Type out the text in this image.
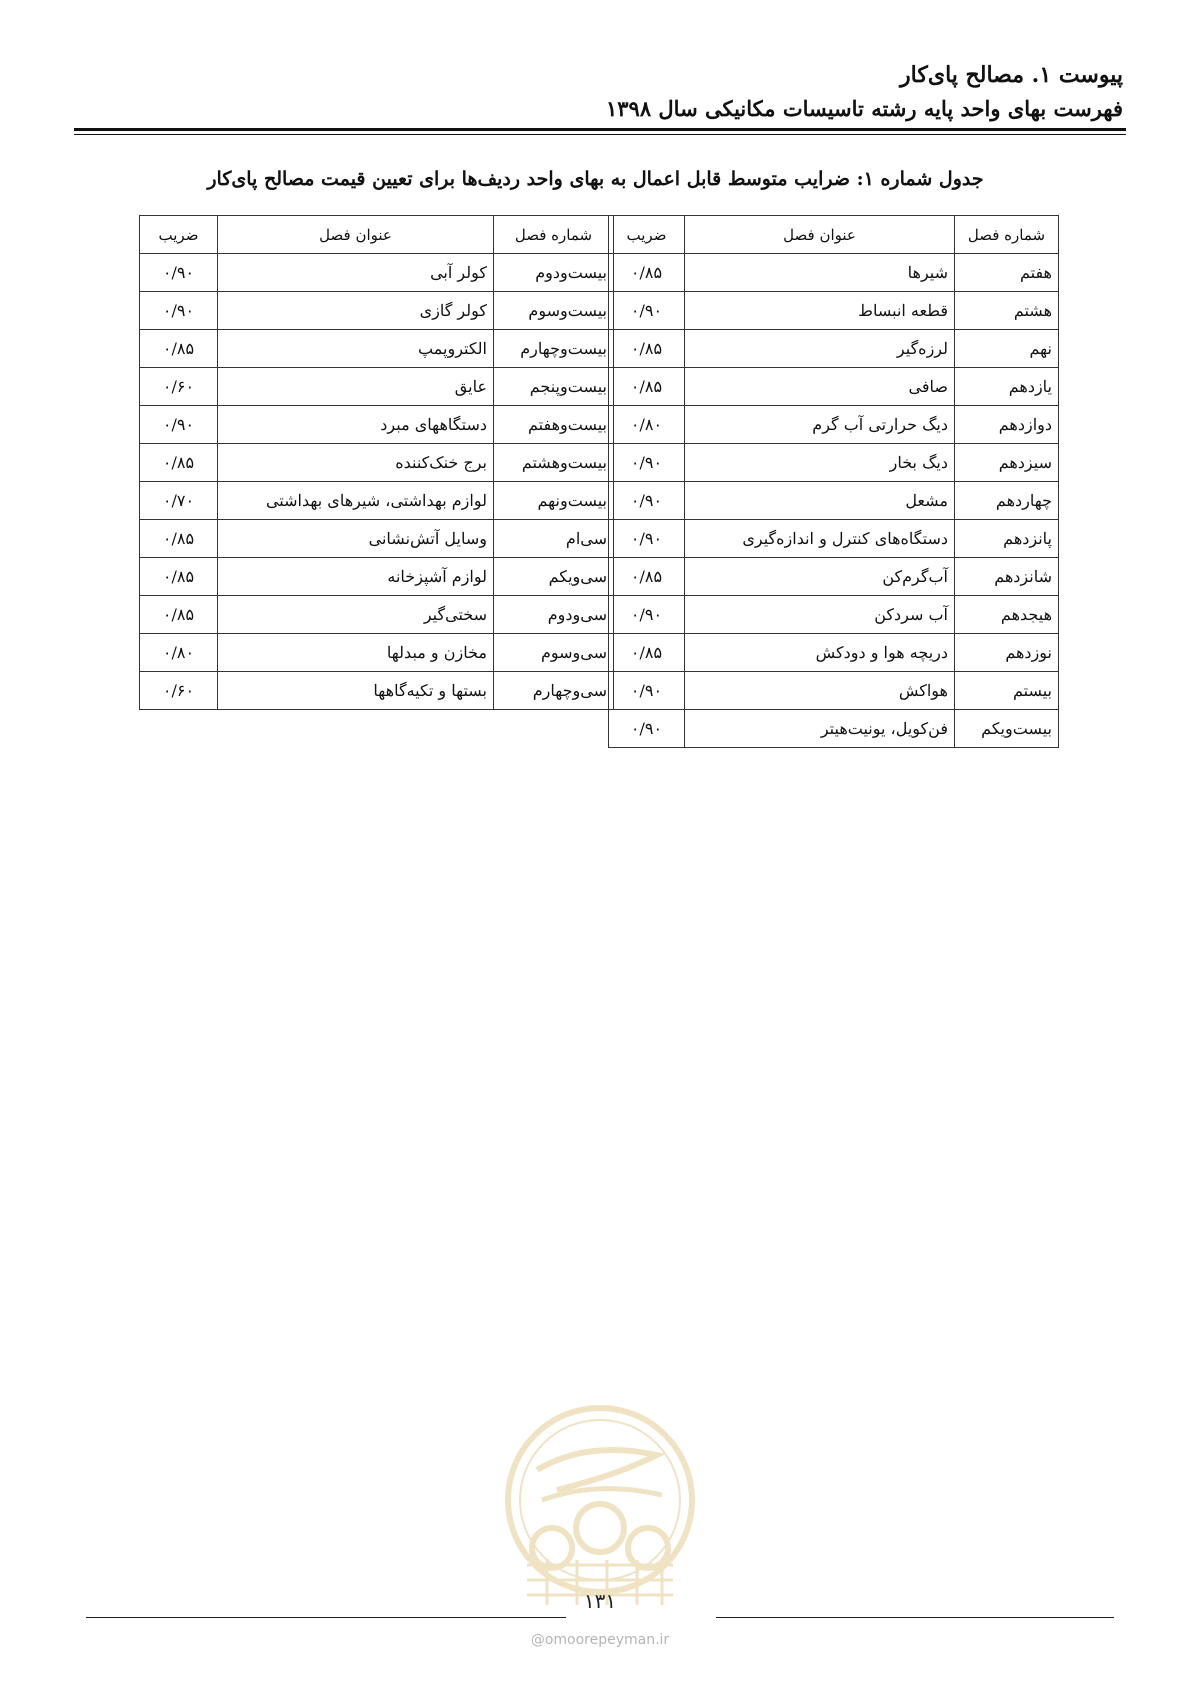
پیوست ۱. مصالح پای‌کار
فهرست بهای واحد پایه رشته تاسیسات مکانیکی سال ۱۳۹۸
جدول شماره ۱: ضرایب متوسط قابل اعمال به بهای واحد ردیف‌ها برای تعیین قیمت مصالح پای‌کار
شماره فصل	عنوان فصل	ضریب
هفتم	شیرها	۰/۸۵
هشتم	قطعه انبساط	۰/۹۰
نهم	لرزه‌گیر	۰/۸۵
یازدهم	صافی	۰/۸۵
دوازدهم	دیگ حرارتی آب گرم	۰/۸۰
سیزدهم	دیگ بخار	۰/۹۰
چهاردهم	مشعل	۰/۹۰
پانزدهم	دستگاه‌های کنترل و اندازه‌گیری	۰/۹۰
شانزدهم	آب‌گرم‌کن	۰/۸۵
هیجدهم	آب سردکن	۰/۹۰
نوزدهم	دریچه هوا و دودکش	۰/۸۵
بیستم	هواکش	۰/۹۰
بیست‌ویکم	فن‌کویل، یونیت‌هیتر	۰/۹۰
شماره فصل	عنوان فصل	ضریب
بیست‌ودوم	کولر آبی	۰/۹۰
بیست‌وسوم	کولر گازی	۰/۹۰
بیست‌وچهارم	الکتروپمپ	۰/۸۵
بیست‌وپنجم	عایق	۰/۶۰
بیست‌وهفتم	دستگاههای مبرد	۰/۹۰
بیست‌وهشتم	برج خنک‌کننده	۰/۸۵
بیست‌ونهم	لوازم بهداشتی، شیرهای بهداشتی	۰/۷۰
سی‌ام	وسایل آتش‌نشانی	۰/۸۵
سی‌ویکم	لوازم آشپزخانه	۰/۸۵
سی‌ودوم	سختی‌گیر	۰/۸۵
سی‌وسوم	مخازن و مبدلها	۰/۸۰
سی‌وچهارم	بستها و تکیه‌گاهها	۰/۶۰
۱۳۱
@omoorepeyman.ir
